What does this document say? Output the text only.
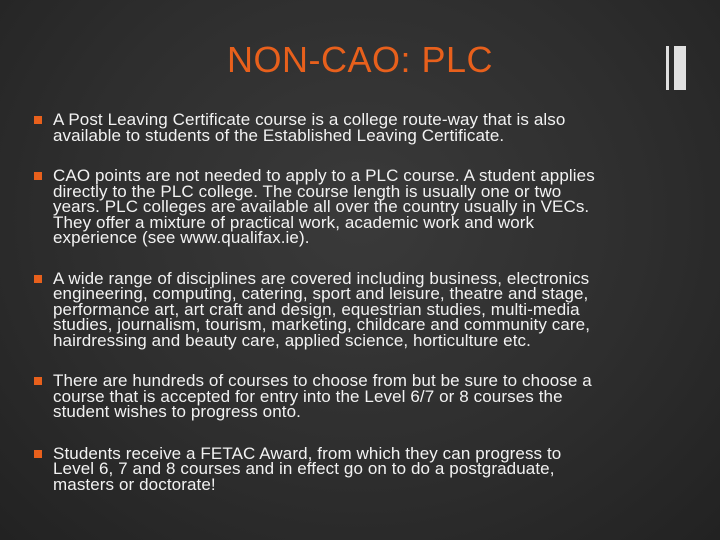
NON-CAO: PLC
A Post Leaving Certificate course is a college route-way that is also
available to students of the Established Leaving Certificate.
CAO points are not needed to apply to a PLC course. A student applies
directly to the PLC college. The course length is usually one or two
years. PLC colleges are available all over the country usually in VECs.
They offer a mixture of practical work, academic work and work
experience (see www.qualifax.ie).
A wide range of disciplines are covered including business, electronics
engineering, computing, catering, sport and leisure, theatre and stage,
performance art, art craft and design, equestrian studies, multi-media
studies, journalism, tourism, marketing, childcare and community care,
hairdressing and beauty care, applied science, horticulture etc.
There are hundreds of courses to choose from but be sure to choose a
course that is accepted for entry into the Level 6/7 or 8 courses the
student wishes to progress onto.
Students receive a FETAC Award, from which they can progress to
Level 6, 7 and 8 courses and in effect go on to do a postgraduate,
masters or doctorate!
